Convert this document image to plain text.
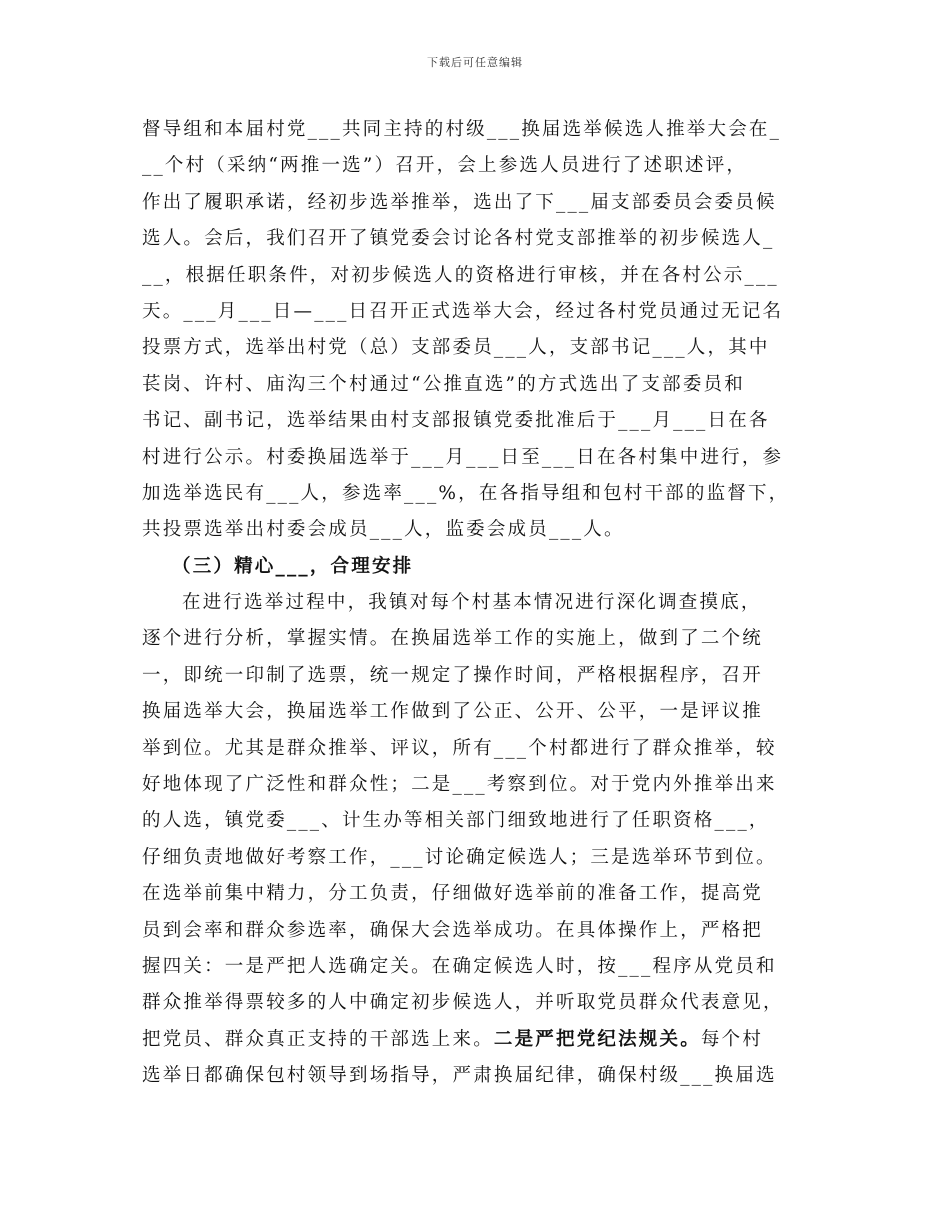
下载后可任意编辑
督导组和本届村党___共同主持的村级___换届选举候选人推举大会在_
__个村（采纳“两推一选”）召开，会上参选人员进行了述职述评，
作出了履职承诺，经初步选举推举，选出了下___届支部委员会委员候
选人。会后，我们召开了镇党委会讨论各村党支部推举的初步候选人_
__，根据任职条件，对初步候选人的资格进行审核，并在各村公示___
天。___月___日—___日召开正式选举大会，经过各村党员通过无记名
投票方式，选举出村党（总）支部委员___人，支部书记___人，其中
苌岗、许村、庙沟三个村通过“公推直选”的方式选出了支部委员和
书记、副书记，选举结果由村支部报镇党委批准后于___月___日在各
村进行公示。村委换届选举于___月___日至___日在各村集中进行，参
加选举选民有___人，参选率___%，在各指导组和包村干部的监督下，
共投票选举出村委会成员___人，监委会成员___人。
（三）精心___，合理安排
在进行选举过程中，我镇对每个村基本情况进行深化调查摸底，
逐个进行分析，掌握实情。在换届选举工作的实施上，做到了二个统
一，即统一印制了选票，统一规定了操作时间，严格根据程序，召开
换届选举大会，换届选举工作做到了公正、公开、公平，一是评议推
举到位。尤其是群众推举、评议，所有___个村都进行了群众推举，较
好地体现了广泛性和群众性；二是___考察到位。对于党内外推举出来
的人选，镇党委___、计生办等相关部门细致地进行了任职资格___，
仔细负责地做好考察工作，___讨论确定候选人；三是选举环节到位。
在选举前集中精力，分工负责，仔细做好选举前的准备工作，提高党
员到会率和群众参选率，确保大会选举成功。在具体操作上，严格把
握四关：一是严把人选确定关。在确定候选人时，按___程序从党员和
群众推举得票较多的人中确定初步候选人，并听取党员群众代表意见，
把党员、群众真正支持的干部选上来。二是严把党纪法规关。每个村
选举日都确保包村领导到场指导，严肃换届纪律，确保村级___换届选
